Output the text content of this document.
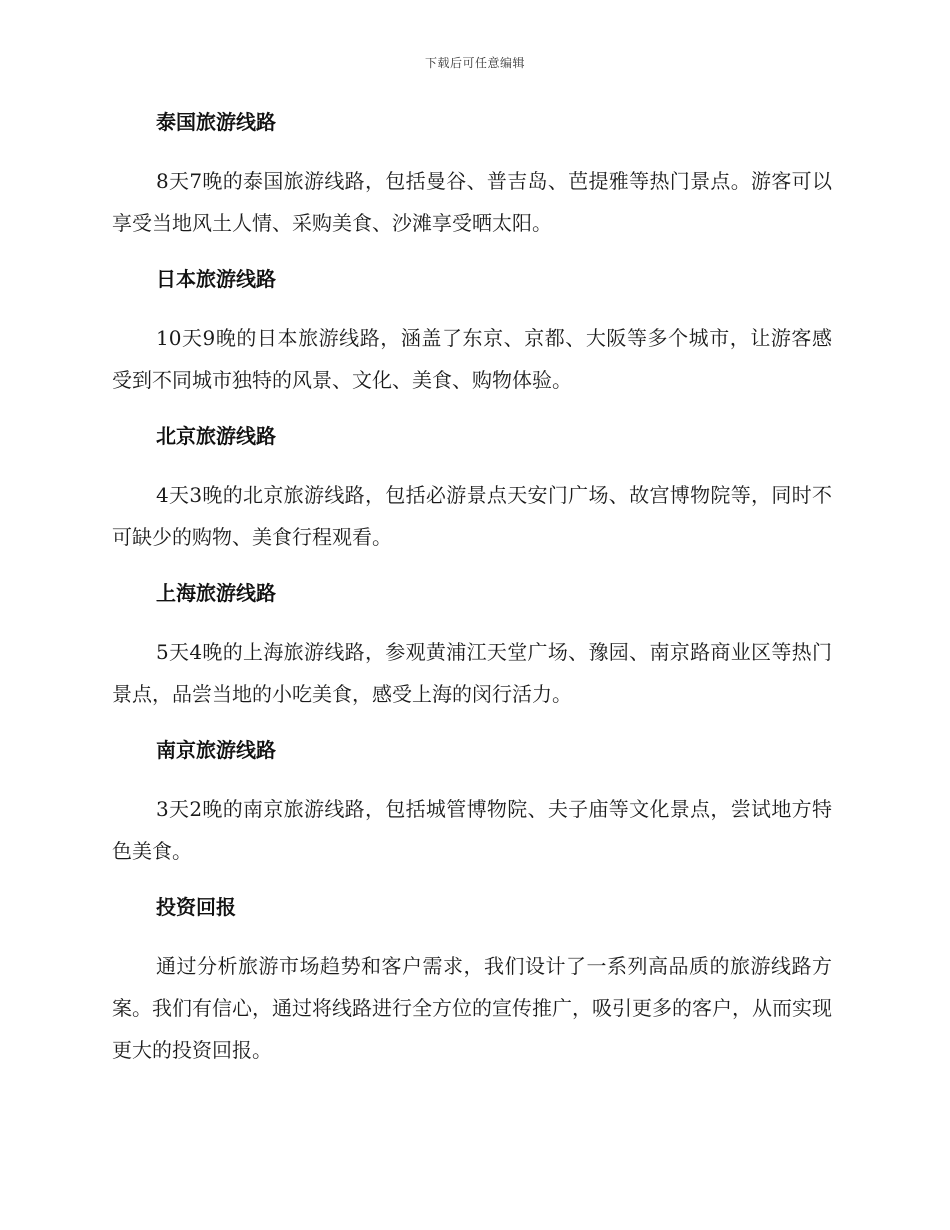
下载后可任意编辑
泰国旅游线路

8天7晚的泰国旅游线路，包括曼谷、普吉岛、芭提雅等热门景点。游客可以享受当地风土人情、采购美食、沙滩享受晒太阳。

日本旅游线路

10天9晚的日本旅游线路，涵盖了东京、京都、大阪等多个城市，让游客感受到不同城市独特的风景、文化、美食、购物体验。

北京旅游线路

4天3晚的北京旅游线路，包括必游景点天安门广场、故宫博物院等，同时不可缺少的购物、美食行程观看。

上海旅游线路

5天4晚的上海旅游线路，参观黄浦江天堂广场、豫园、南京路商业区等热门景点，品尝当地的小吃美食，感受上海的闵行活力。

南京旅游线路

3天2晚的南京旅游线路，包括城管博物院、夫子庙等文化景点，尝试地方特色美食。

投资回报

通过分析旅游市场趋势和客户需求，我们设计了一系列高品质的旅游线路方案。我们有信心，通过将线路进行全方位的宣传推广，吸引更多的客户，从而实现更大的投资回报。
